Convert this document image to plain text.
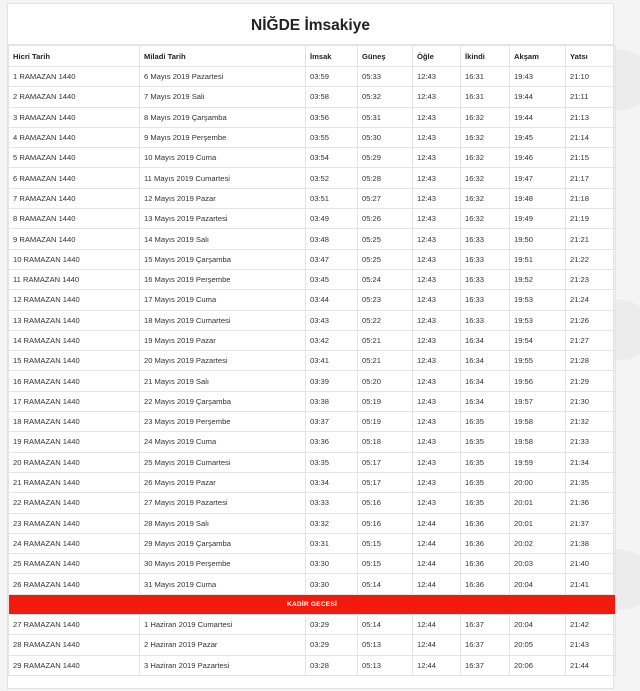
NİĞDE İmsakiye
Hicri Tarih	Miladi Tarih	İmsak	Güneş	Öğle	İkindi	Akşam	Yatsı
1 RAMAZAN 1440	6 Mayıs 2019 Pazartesi	03:59	05:33	12:43	16:31	19:43	21:10
2 RAMAZAN 1440	7 Mayıs 2019 Salı	03:58	05:32	12:43	16:31	19:44	21:11
3 RAMAZAN 1440	8 Mayıs 2019 Çarşamba	03:56	05:31	12:43	16:32	19:44	21:13
4 RAMAZAN 1440	9 Mayıs 2019 Perşembe	03:55	05:30	12:43	16:32	19:45	21:14
5 RAMAZAN 1440	10 Mayıs 2019 Cuma	03:54	05:29	12:43	16:32	19:46	21:15
6 RAMAZAN 1440	11 Mayıs 2019 Cumartesi	03:52	05:28	12:43	16:32	19:47	21:17
7 RAMAZAN 1440	12 Mayıs 2019 Pazar	03:51	05:27	12:43	16:32	19:48	21:18
8 RAMAZAN 1440	13 Mayıs 2019 Pazartesi	03:49	05:26	12:43	16:32	19:49	21:19
9 RAMAZAN 1440	14 Mayıs 2019 Salı	03:48	05:25	12:43	16:33	19:50	21:21
10 RAMAZAN 1440	15 Mayıs 2019 Çarşamba	03:47	05:25	12:43	16:33	19:51	21:22
11 RAMAZAN 1440	16 Mayıs 2019 Perşembe	03:45	05:24	12:43	16:33	19:52	21:23
12 RAMAZAN 1440	17 Mayıs 2019 Cuma	03:44	05:23	12:43	16:33	19:53	21:24
13 RAMAZAN 1440	18 Mayıs 2019 Cumartesi	03:43	05:22	12:43	16:33	19:53	21:26
14 RAMAZAN 1440	19 Mayıs 2019 Pazar	03:42	05:21	12:43	16:34	19:54	21:27
15 RAMAZAN 1440	20 Mayıs 2019 Pazartesi	03:41	05:21	12:43	16:34	19:55	21:28
16 RAMAZAN 1440	21 Mayıs 2019 Salı	03:39	05:20	12:43	16:34	19:56	21:29
17 RAMAZAN 1440	22 Mayıs 2019 Çarşamba	03:38	05:19	12:43	16:34	19:57	21:30
18 RAMAZAN 1440	23 Mayıs 2019 Perşembe	03:37	05:19	12:43	16:35	19:58	21:32
19 RAMAZAN 1440	24 Mayıs 2019 Cuma	03:36	05:18	12:43	16:35	19:58	21:33
20 RAMAZAN 1440	25 Mayıs 2019 Cumartesi	03:35	05:17	12:43	16:35	19:59	21:34
21 RAMAZAN 1440	26 Mayıs 2019 Pazar	03:34	05:17	12:43	16:35	20:00	21:35
22 RAMAZAN 1440	27 Mayıs 2019 Pazartesi	03:33	05:16	12:43	16:35	20:01	21:36
23 RAMAZAN 1440	28 Mayıs 2019 Salı	03:32	05:16	12:44	16:36	20:01	21:37
24 RAMAZAN 1440	29 Mayıs 2019 Çarşamba	03:31	05:15	12:44	16:36	20:02	21:38
25 RAMAZAN 1440	30 Mayıs 2019 Perşembe	03:30	05:15	12:44	16:36	20:03	21:40
26 RAMAZAN 1440	31 Mayıs 2019 Cuma	03:30	05:14	12:44	16:36	20:04	21:41
KADİR GECESİ							
27 RAMAZAN 1440	1 Haziran 2019 Cumartesi	03:29	05:14	12:44	16:37	20:04	21:42
28 RAMAZAN 1440	2 Haziran 2019 Pazar	03:29	05:13	12:44	16:37	20:05	21:43
29 RAMAZAN 1440	3 Haziran 2019 Pazartesi	03:28	05:13	12:44	16:37	20:06	21:44
